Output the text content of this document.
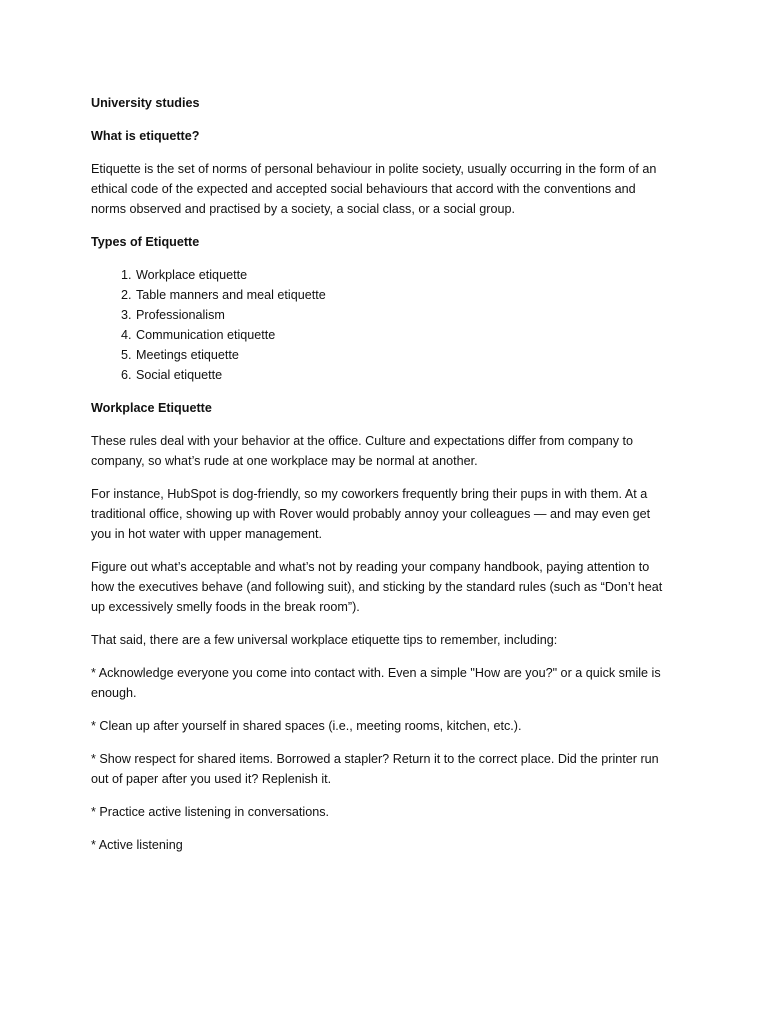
University studies

What is etiquette?

Etiquette is the set of norms of personal behaviour in polite society, usually occurring in the form of an ethical code of the expected and accepted social behaviours that accord with the conventions and norms observed and practised by a society, a social class, or a social group.

Types of Etiquette

1. Workplace etiquette
2. Table manners and meal etiquette
3. Professionalism
4. Communication etiquette
5. Meetings etiquette
6. Social etiquette

Workplace Etiquette

These rules deal with your behavior at the office. Culture and expectations differ from company to company, so what’s rude at one workplace may be normal at another.

For instance, HubSpot is dog-friendly, so my coworkers frequently bring their pups in with them. At a traditional office, showing up with Rover would probably annoy your colleagues — and may even get you in hot water with upper management.

Figure out what’s acceptable and what’s not by reading your company handbook, paying attention to how the executives behave (and following suit), and sticking by the standard rules (such as “Don’t heat up excessively smelly foods in the break room”).

That said, there are a few universal workplace etiquette tips to remember, including:

* Acknowledge everyone you come into contact with. Even a simple "How are you?" or a quick smile is enough.

* Clean up after yourself in shared spaces (i.e., meeting rooms, kitchen, etc.).

* Show respect for shared items. Borrowed a stapler? Return it to the correct place. Did the printer run out of paper after you used it? Replenish it.

* Practice active listening in conversations.

* Active listening
